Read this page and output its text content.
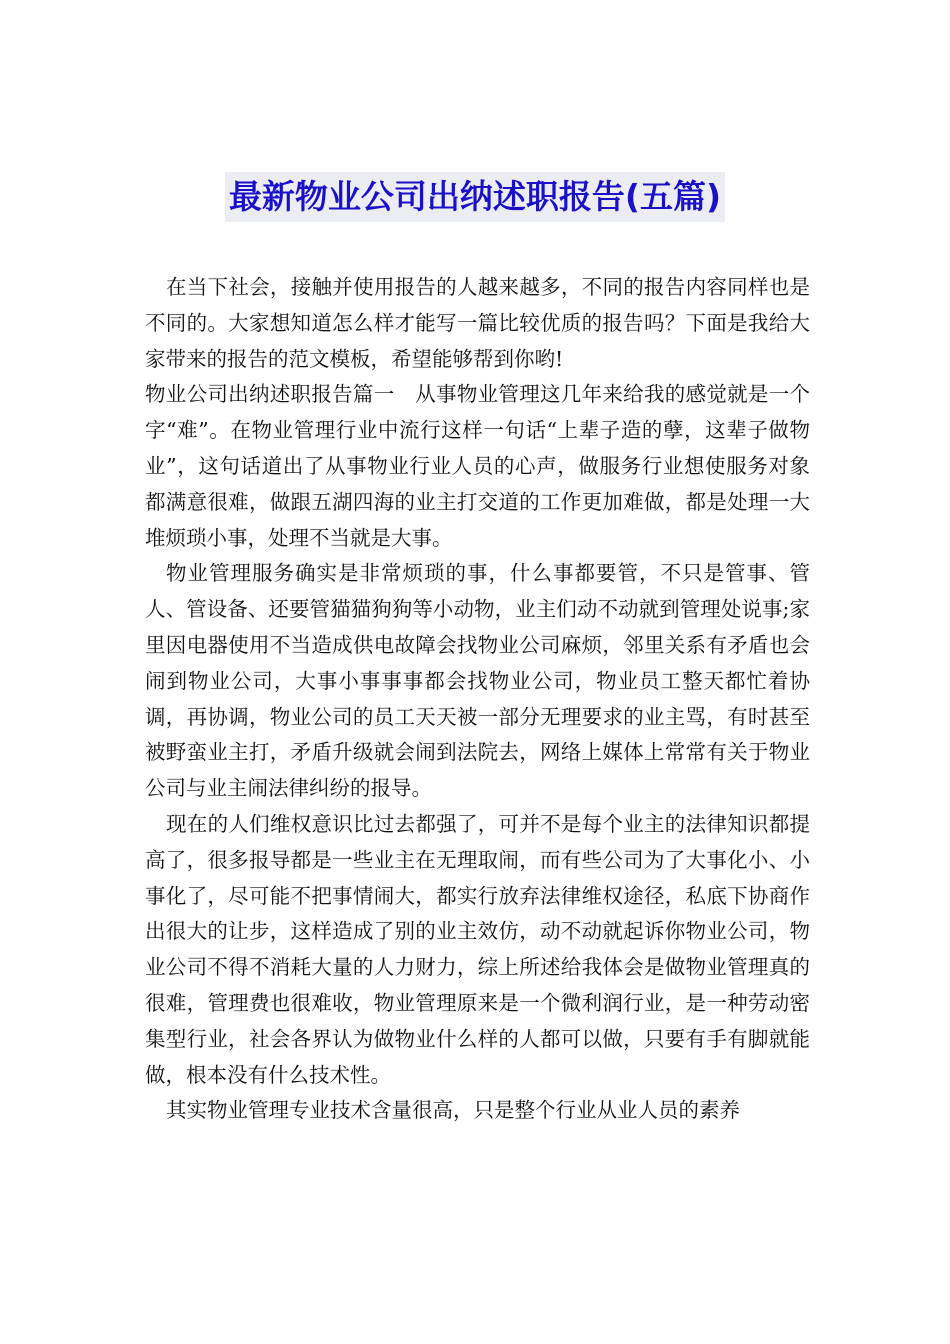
最新物业公司出纳述职报告(五篇)

在当下社会，接触并使用报告的人越来越多，不同的报告内容同样也是不同的。大家想知道怎么样才能写一篇比较优质的报告吗？下面是我给大家带来的报告的范文模板，希望能够帮到你哟!

物业公司出纳述职报告篇一　从事物业管理这几年来给我的感觉就是一个字“难”。在物业管理行业中流行这样一句话“上辈子造的孽，这辈子做物业”，这句话道出了从事物业行业人员的心声，做服务行业想使服务对象都满意很难，做跟五湖四海的业主打交道的工作更加难做，都是处理一大堆烦琐小事，处理不当就是大事。

物业管理服务确实是非常烦琐的事，什么事都要管，不只是管事、管人、管设备、还要管猫猫狗狗等小动物，业主们动不动就到管理处说事;家里因电器使用不当造成供电故障会找物业公司麻烦，邻里关系有矛盾也会闹到物业公司，大事小事事事都会找物业公司，物业员工整天都忙着协调，再协调，物业公司的员工天天被一部分无理要求的业主骂，有时甚至被野蛮业主打，矛盾升级就会闹到法院去，网络上媒体上常常有关于物业公司与业主闹法律纠纷的报导。

现在的人们维权意识比过去都强了，可并不是每个业主的法律知识都提高了，很多报导都是一些业主在无理取闹，而有些公司为了大事化小、小事化了，尽可能不把事情闹大，都实行放弃法律维权途径，私底下协商作出很大的让步，这样造成了别的业主效仿，动不动就起诉你物业公司，物业公司不得不消耗大量的人力财力，综上所述给我体会是做物业管理真的很难，管理费也很难收，物业管理原来是一个微利润行业，是一种劳动密集型行业，社会各界认为做物业什么样的人都可以做，只要有手有脚就能做，根本没有什么技术性。

其实物业管理专业技术含量很高，只是整个行业从业人员的素养
